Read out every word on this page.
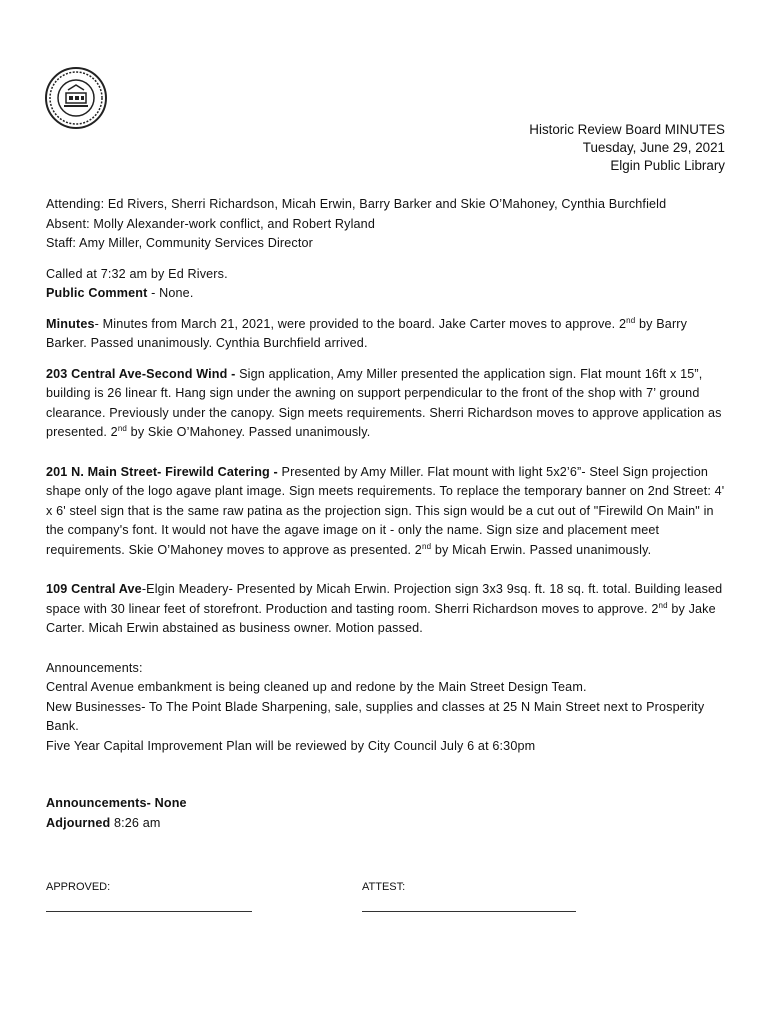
Historic Review Board MINUTES
Tuesday, June 29, 2021
Elgin Public Library

Attending: Ed Rivers, Sherri Richardson, Micah Erwin, Barry Barker and Skie O’Mahoney, Cynthia Burchfield

Absent: Molly Alexander-work conflict, and Robert Ryland

Staff: Amy Miller, Community Services Director

Called at 7:32 am by Ed Rivers.

Public Comment - None.

Minutes- Minutes from March 21, 2021, were provided to the board. Jake Carter moves to approve. 2nd by Barry Barker. Passed unanimously. Cynthia Burchfield arrived.

203 Central Ave-Second Wind - Sign application, Amy Miller presented the application sign. Flat mount 16ft x 15”, building is 26 linear ft. Hang sign under the awning on support perpendicular to the front of the shop with 7’ ground clearance. Previously under the canopy. Sign meets requirements. Sherri Richardson moves to approve application as presented. 2nd by Skie O’Mahoney. Passed unanimously.

201 N. Main Street- Firewild Catering - Presented by Amy Miller. Flat mount with light 5x2’6”- Steel Sign projection shape only of the logo agave plant image. Sign meets requirements. To replace the temporary banner on 2nd Street: 4' x 6' steel sign that is the same raw patina as the projection sign. This sign would be a cut out of "Firewild On Main" in the company's font. It would not have the agave image on it - only the name. Sign size and placement meet requirements. Skie O’Mahoney moves to approve as presented. 2nd by Micah Erwin. Passed unanimously.

109 Central Ave-Elgin Meadery- Presented by Micah Erwin. Projection sign 3x3 9sq. ft. 18 sq. ft. total. Building leased space with 30 linear feet of storefront. Production and tasting room. Sherri Richardson moves to approve. 2nd by Jake Carter. Micah Erwin abstained as business owner. Motion passed.

Announcements:

Central Avenue embankment is being cleaned up and redone by the Main Street Design Team.

New Businesses- To The Point Blade Sharpening, sale, supplies and classes at 25 N Main Street next to Prosperity Bank.

Five Year Capital Improvement Plan will be reviewed by City Council July 6 at 6:30pm

Announcements- None

Adjourned 8:26 am

APPROVED:	ATTEST:
